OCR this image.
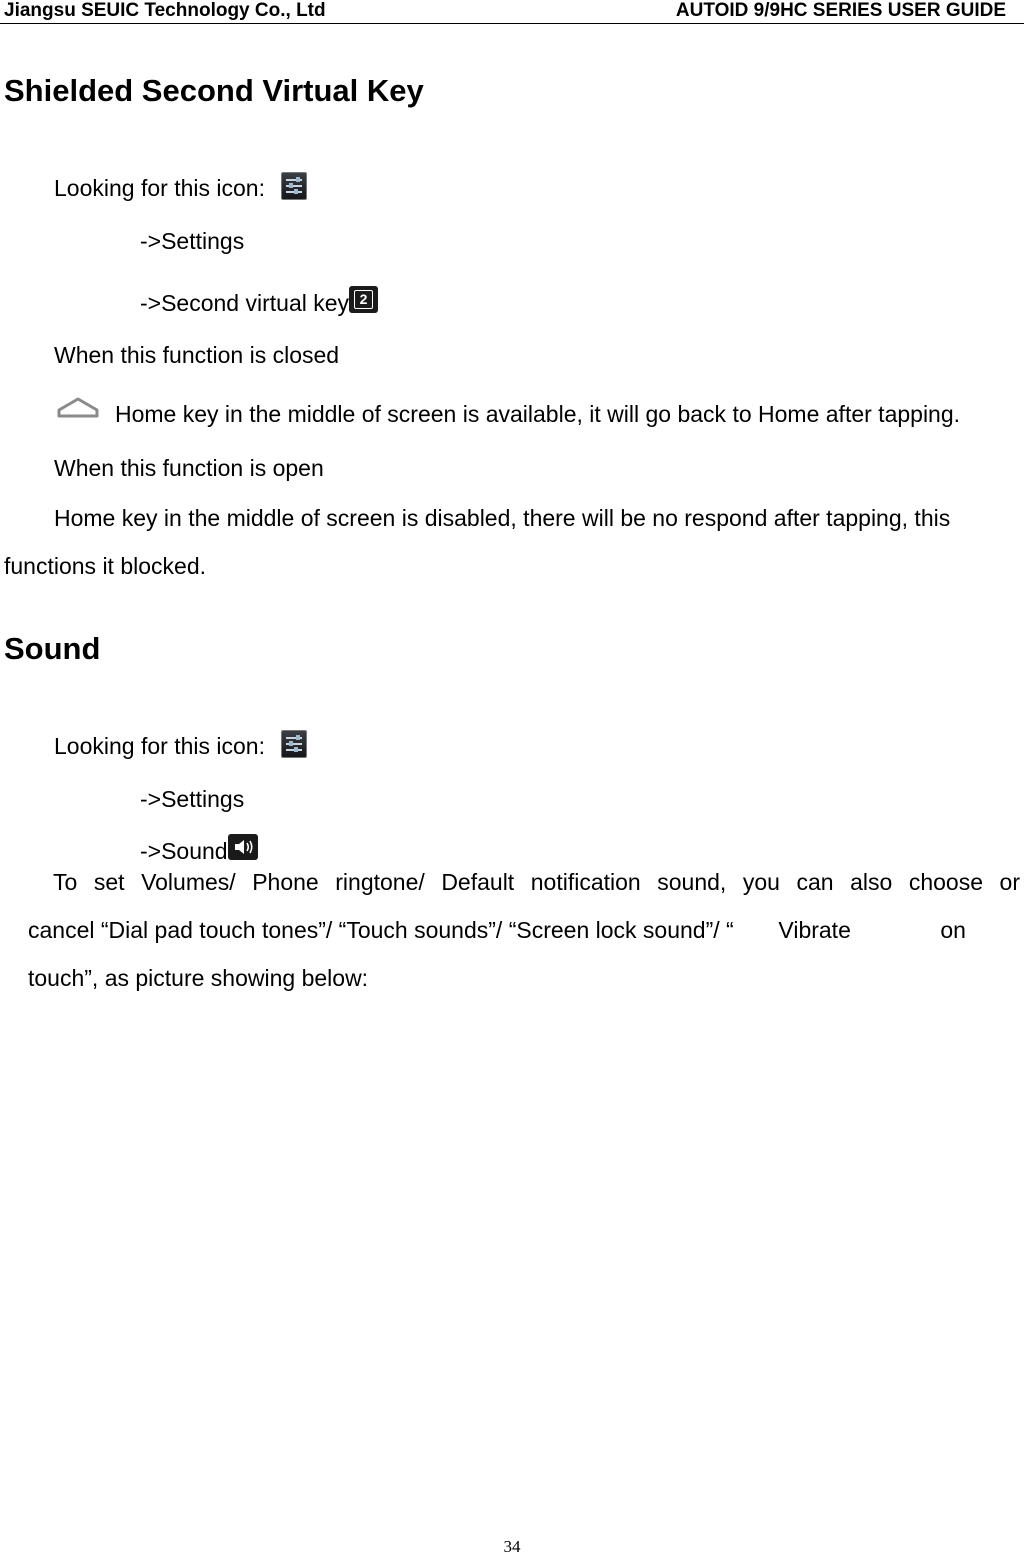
Jiangsu SEUIC Technology Co., Ltd	AUTOID 9/9HC SERIES USER GUIDE
Shielded Second Virtual Key
Looking for this icon:
->Settings
->Second virtual key 2
When this function is closed
Home key in the middle of screen is available, it will go back to Home after tapping.
When this function is open
Home key in the middle of screen is disabled, there will be no respond after tapping, this
functions it blocked.
Sound
Looking for this icon:
->Settings
->Sound
To set Volumes/ Phone ringtone/ Default notification sound, you can also choose or
cancel “Dial pad touch tones”/ “Touch sounds”/ “Screen lock sound”/ “       Vibrate              on
touch”, as picture showing below:
34
